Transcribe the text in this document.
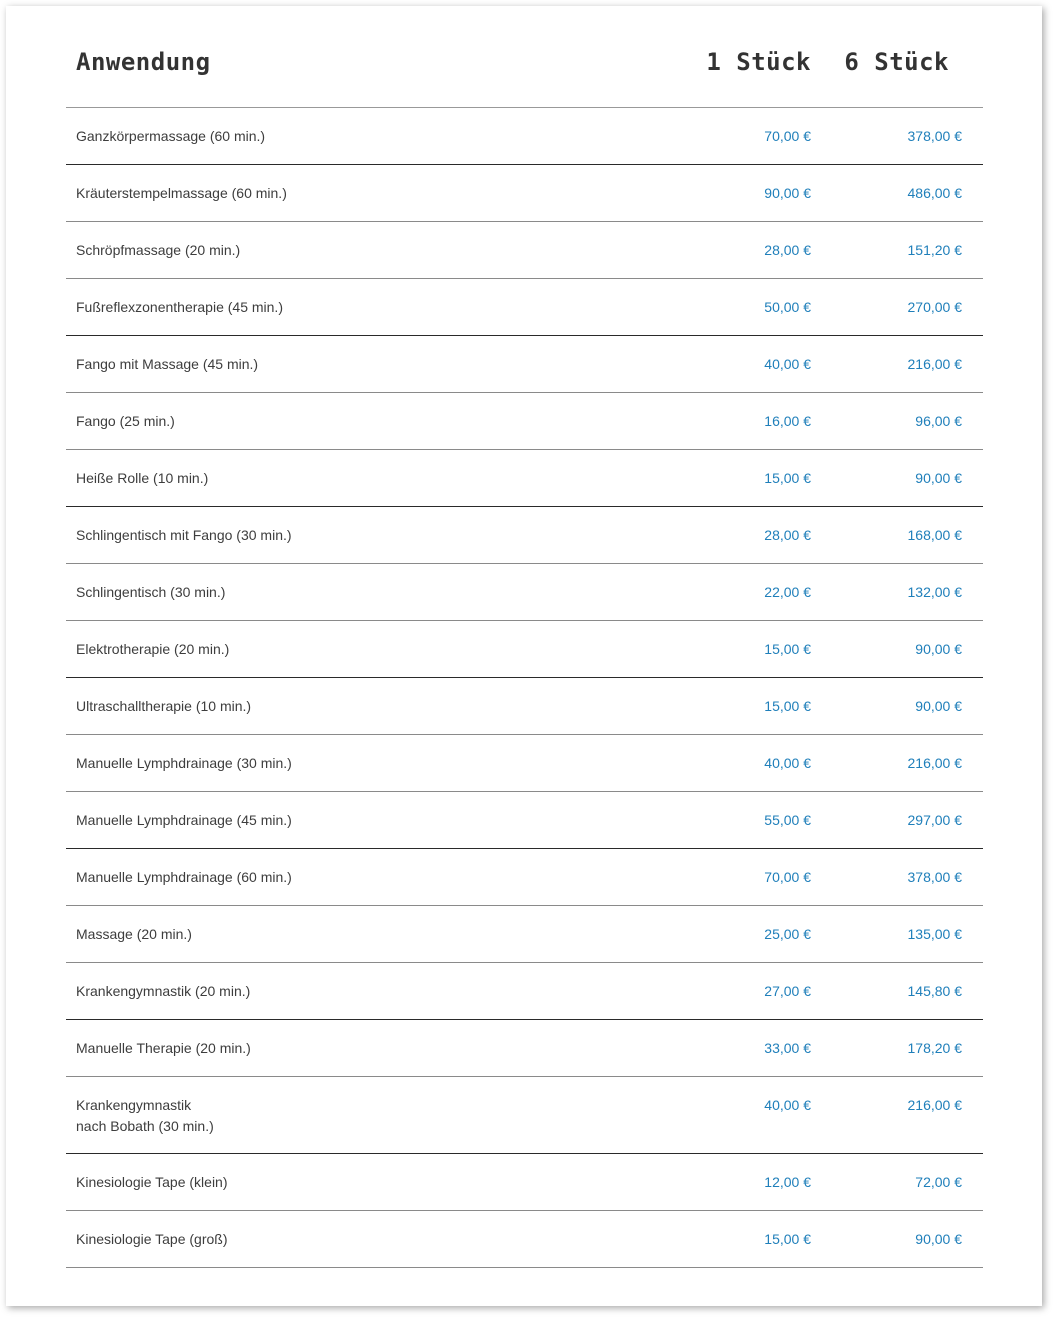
Anwendung	1 Stück 6 Stück
Ganzkörpermassage (60 min.)	70,00 €	378,00 €
Kräuterstempelmassage (60 min.)	90,00 €	486,00 €
Schröpfmassage (20 min.)	28,00 €	151,20 €
Fußreflexzonentherapie (45 min.)	50,00 €	270,00 €
Fango mit Massage (45 min.)	40,00 €	216,00 €
Fango (25 min.)	16,00 €	96,00 €
Heiße Rolle (10 min.)	15,00 €	90,00 €
Schlingentisch mit Fango (30 min.)	28,00 €	168,00 €
Schlingentisch (30 min.)	22,00 €	132,00 €
Elektrotherapie (20 min.)	15,00 €	90,00 €
Ultraschalltherapie (10 min.)	15,00 €	90,00 €
Manuelle Lymphdrainage (30 min.)	40,00 €	216,00 €
Manuelle Lymphdrainage (45 min.)	55,00 €	297,00 €
Manuelle Lymphdrainage (60 min.)	70,00 €	378,00 €
Massage (20 min.)	25,00 €	135,00 €
Krankengymnastik (20 min.)	27,00 €	145,80 €
Manuelle Therapie (20 min.)	33,00 €	178,20 €
Krankengymnastik
nach Bobath (30 min.)
40,00 €	216,00 €
Kinesiologie Tape (klein)	12,00 €	72,00 €
Kinesiologie Tape (groß)	15,00 €	90,00 €
